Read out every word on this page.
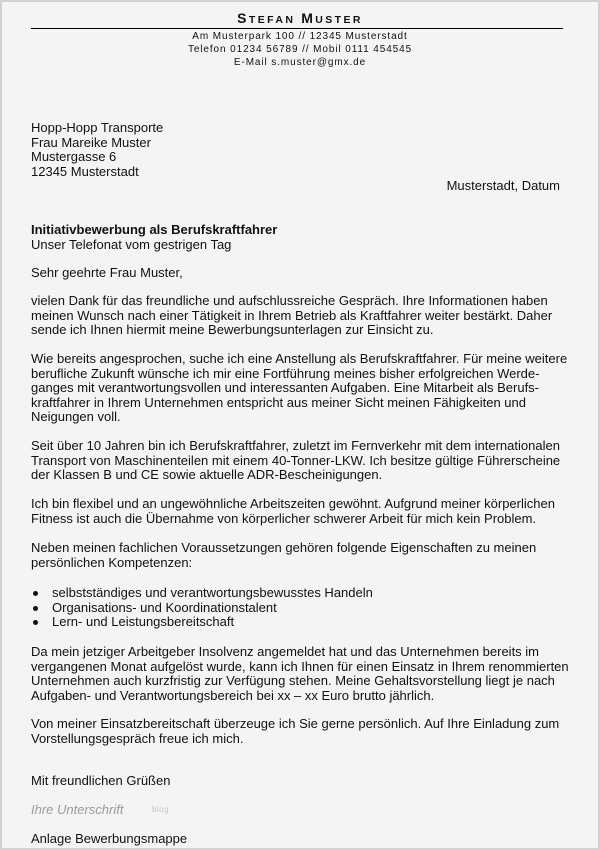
STEFAN MUSTER
Am Musterpark 100 // 12345 Musterstadt
Telefon 01234 56789 // Mobil 0111 454545
E-Mail s.muster@gmx.de
Hopp-Hopp Transporte
Frau Mareike Muster
Mustergasse 6
12345 Musterstadt
Musterstadt, Datum
Initiativbewerbung als Berufskraftfahrer
Unser Telefonat vom gestrigen Tag
Sehr geehrte Frau Muster,
vielen Dank für das freundliche und aufschlussreiche Gespräch. Ihre Informationen haben
meinen Wunsch nach einer Tätigkeit in Ihrem Betrieb als Kraftfahrer weiter bestärkt. Daher
sende ich Ihnen hiermit meine Bewerbungsunterlagen zur Einsicht zu.
Wie bereits angesprochen, suche ich eine Anstellung als Berufskraftfahrer. Für meine weitere
berufliche Zukunft wünsche ich mir eine Fortführung meines bisher erfolgreichen Werde-
ganges mit verantwortungsvollen und interessanten Aufgaben. Eine Mitarbeit als Berufs-
kraftfahrer in Ihrem Unternehmen entspricht aus meiner Sicht meinen Fähigkeiten und
Neigungen voll.
Seit über 10 Jahren bin ich Berufskraftfahrer, zuletzt im Fernverkehr mit dem internationalen
Transport von Maschinenteilen mit einem 40-Tonner-LKW. Ich besitze gültige Führerscheine
der Klassen B und CE sowie aktuelle ADR-Bescheinigungen.
Ich bin flexibel und an ungewöhnliche Arbeitszeiten gewöhnt. Aufgrund meiner körperlichen
Fitness ist auch die Übernahme von körperlicher schwerer Arbeit für mich kein Problem.
Neben meinen fachlichen Voraussetzungen gehören folgende Eigenschaften zu meinen
persönlichen Kompetenzen:
selbstständiges und verantwortungsbewusstes Handeln
Organisations- und Koordinationstalent
Lern- und Leistungsbereitschaft
Da mein jetziger Arbeitgeber Insolvenz angemeldet hat und das Unternehmen bereits im
vergangenen Monat aufgelöst wurde, kann ich Ihnen für einen Einsatz in Ihrem renommierten
Unternehmen auch kurzfristig zur Verfügung stehen. Meine Gehaltsvorstellung liegt je nach
Aufgaben- und Verantwortungsbereich bei xx – xx Euro brutto jährlich.
Von meiner Einsatzbereitschaft überzeuge ich Sie gerne persönlich. Auf Ihre Einladung zum
Vorstellungsgespräch freue ich mich.
Mit freundlichen Grüßen
Ihre Unterschrift	blog
Anlage Bewerbungsmappe
